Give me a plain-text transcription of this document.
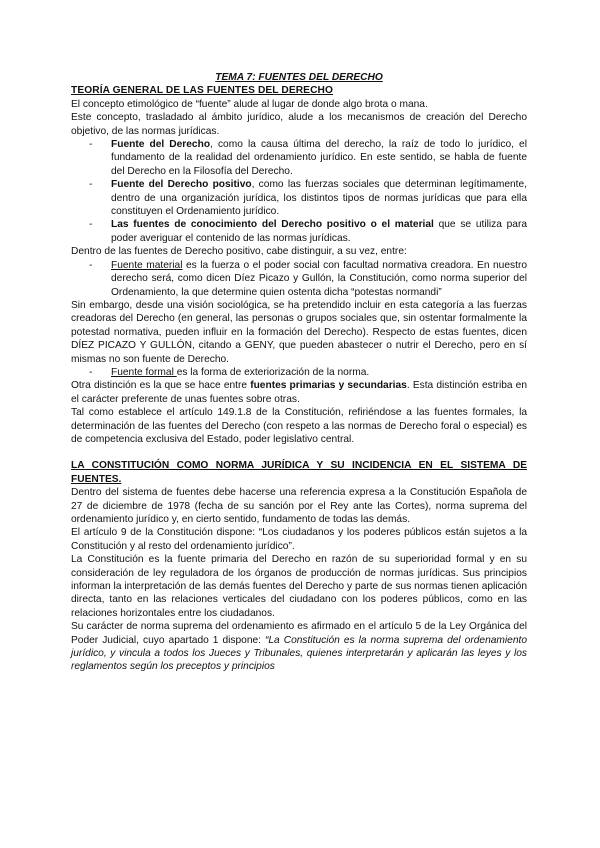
TEMA 7: FUENTES DEL DERECHO

TEORÍA GENERAL DE LAS FUENTES DEL DERECHO

El concepto etimológico de “fuente” alude al lugar de donde algo brota o mana.

Este concepto, trasladado al ámbito jurídico, alude a los mecanismos de creación del Derecho objetivo, de las normas jurídicas.

- Fuente del Derecho, como la causa última del derecho, la raíz de todo lo jurídico, el fundamento de la realidad del ordenamiento jurídico. En este sentido, se habla de fuente del Derecho en la Filosofía del Derecho.
- Fuente del Derecho positivo, como las fuerzas sociales que determinan legítimamente, dentro de una organización jurídica, los distintos tipos de normas jurídicas que para ella constituyen el Ordenamiento jurídico.
- Las fuentes de conocimiento del Derecho positivo o el material que se utiliza para poder averiguar el contenido de las normas jurídicas.

Dentro de las fuentes de Derecho positivo, cabe distinguir, a su vez, entre:

- Fuente material es la fuerza o el poder social con facultad normativa creadora. En nuestro derecho será, como dicen Díez Picazo y Gullón, la Constitución, como norma superior del Ordenamiento, la que determine quien ostenta dicha “potestas normandi”

Sin embargo, desde una visión sociológica, se ha pretendido incluir en esta categoría a las fuerzas creadoras del Derecho (en general, las personas o grupos sociales que, sin ostentar formalmente la potestad normativa, pueden influir en la formación del Derecho). Respecto de estas fuentes, dicen DÍEZ PICAZO Y GULLÓN, citando a GENY, que pueden abastecer o nutrir el Derecho, pero en sí mismas no son fuente de Derecho.

- Fuente formal es la forma de exteriorización de la norma.

Otra distinción es la que se hace entre fuentes primarias y secundarias. Esta distinción estriba en el carácter preferente de unas fuentes sobre otras.

Tal como establece el artículo 149.1.8 de la Constitución, refiriéndose a las fuentes formales, la determinación de las fuentes del Derecho (con respeto a las normas de Derecho foral o especial) es de competencia exclusiva del Estado, poder legislativo central.

LA CONSTITUCIÓN COMO NORMA JURÍDICA Y SU INCIDENCIA EN EL SISTEMA DE FUENTES.

Dentro del sistema de fuentes debe hacerse una referencia expresa a la Constitución Española de 27 de diciembre de 1978 (fecha de su sanción por el Rey ante las Cortes), norma suprema del ordenamiento jurídico y, en cierto sentido, fundamento de todas las demás.

El artículo 9 de la Constitución dispone: “Los ciudadanos y los poderes públicos están sujetos a la Constitución y al resto del ordenamiento jurídico”.

La Constitución es la fuente primaria del Derecho en razón de su superioridad formal y en su consideración de ley reguladora de los órganos de producción de normas jurídicas. Sus principios informan la interpretación de las demás fuentes del Derecho y parte de sus normas tienen aplicación directa, tanto en las relaciones verticales del ciudadano con los poderes públicos, como en las relaciones horizontales entre los ciudadanos.

Su carácter de norma suprema del ordenamiento es afirmado en el artículo 5 de la Ley Orgánica del Poder Judicial, cuyo apartado 1 dispone: “La Constitución es la norma suprema del ordenamiento jurídico, y vincula a todos los Jueces y Tribunales, quienes interpretarán y aplicarán las leyes y los reglamentos según los preceptos y principios
